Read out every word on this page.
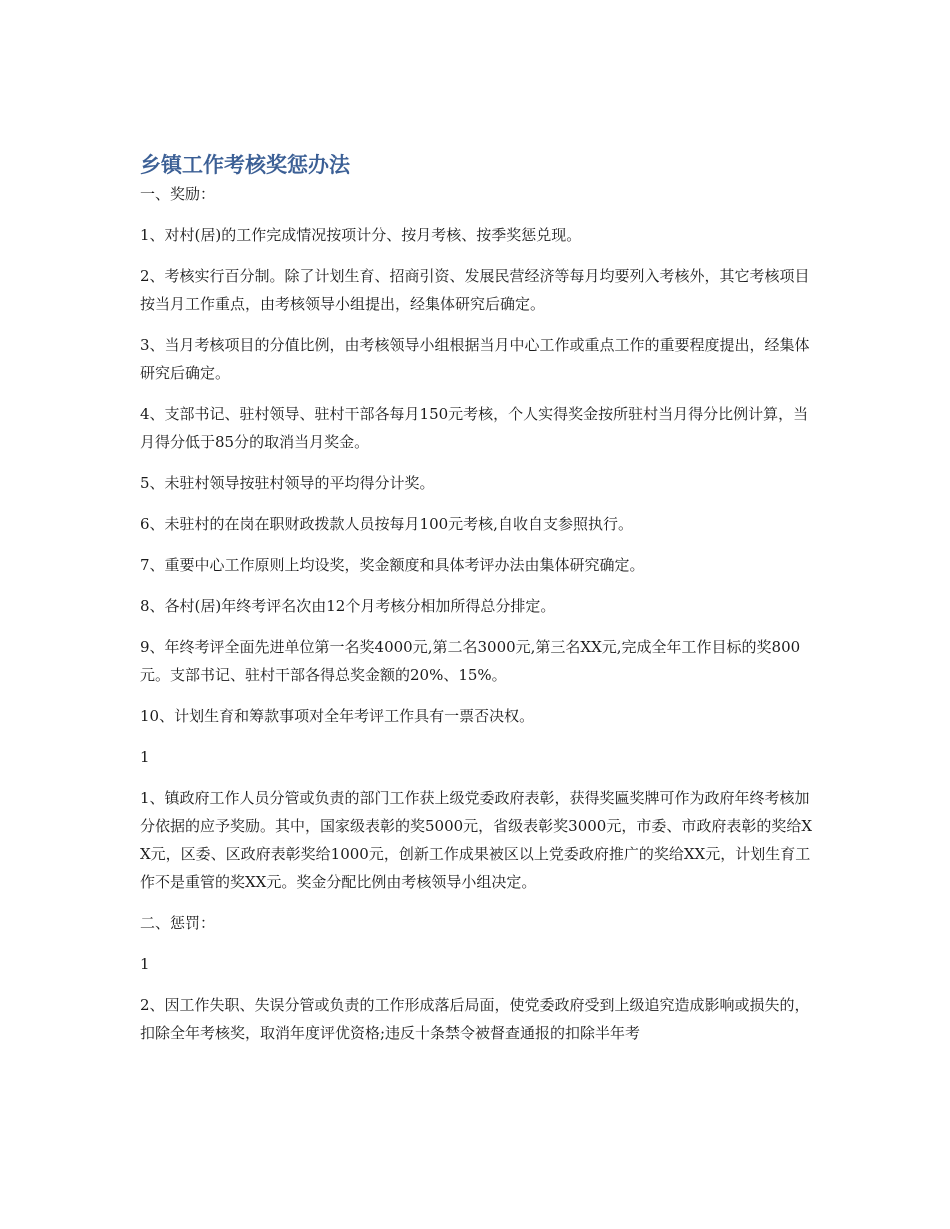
乡镇工作考核奖惩办法

一、奖励：

1、对村(居)的工作完成情况按项计分、按月考核、按季奖惩兑现。

2、考核实行百分制。除了计划生育、招商引资、发展民营经济等每月均要列入考核外，其它考核项目按当月工作重点，由考核领导小组提出，经集体研究后确定。

3、当月考核项目的分值比例，由考核领导小组根据当月中心工作或重点工作的重要程度提出，经集体研究后确定。

4、支部书记、驻村领导、驻村干部各每月150元考核，个人实得奖金按所驻村当月得分比例计算，当月得分低于85分的取消当月奖金。

5、未驻村领导按驻村领导的平均得分计奖。

6、未驻村的在岗在职财政拨款人员按每月100元考核,自收自支参照执行。

7、重要中心工作原则上均设奖，奖金额度和具体考评办法由集体研究确定。

8、各村(居)年终考评名次由12个月考核分相加所得总分排定。

9、年终考评全面先进单位第一名奖4000元,第二名3000元,第三名XX元,完成全年工作目标的奖800元。支部书记、驻村干部各得总奖金额的20%、15%。

10、计划生育和筹款事项对全年考评工作具有一票否决权。

1

1、镇政府工作人员分管或负责的部门工作获上级党委政府表彰，获得奖匾奖牌可作为政府年终考核加分依据的应予奖励。其中，国家级表彰的奖5000元，省级表彰奖3000元，市委、市政府表彰的奖给XX元，区委、区政府表彰奖给1000元，创新工作成果被区以上党委政府推广的奖给XX元，计划生育工作不是重管的奖XX元。奖金分配比例由考核领导小组决定。

二、惩罚：

1

2、因工作失职、失误分管或负责的工作形成落后局面，使党委政府受到上级追究造成影响或损失的，扣除全年考核奖，取消年度评优资格;违反十条禁令被督查通报的扣除半年考
